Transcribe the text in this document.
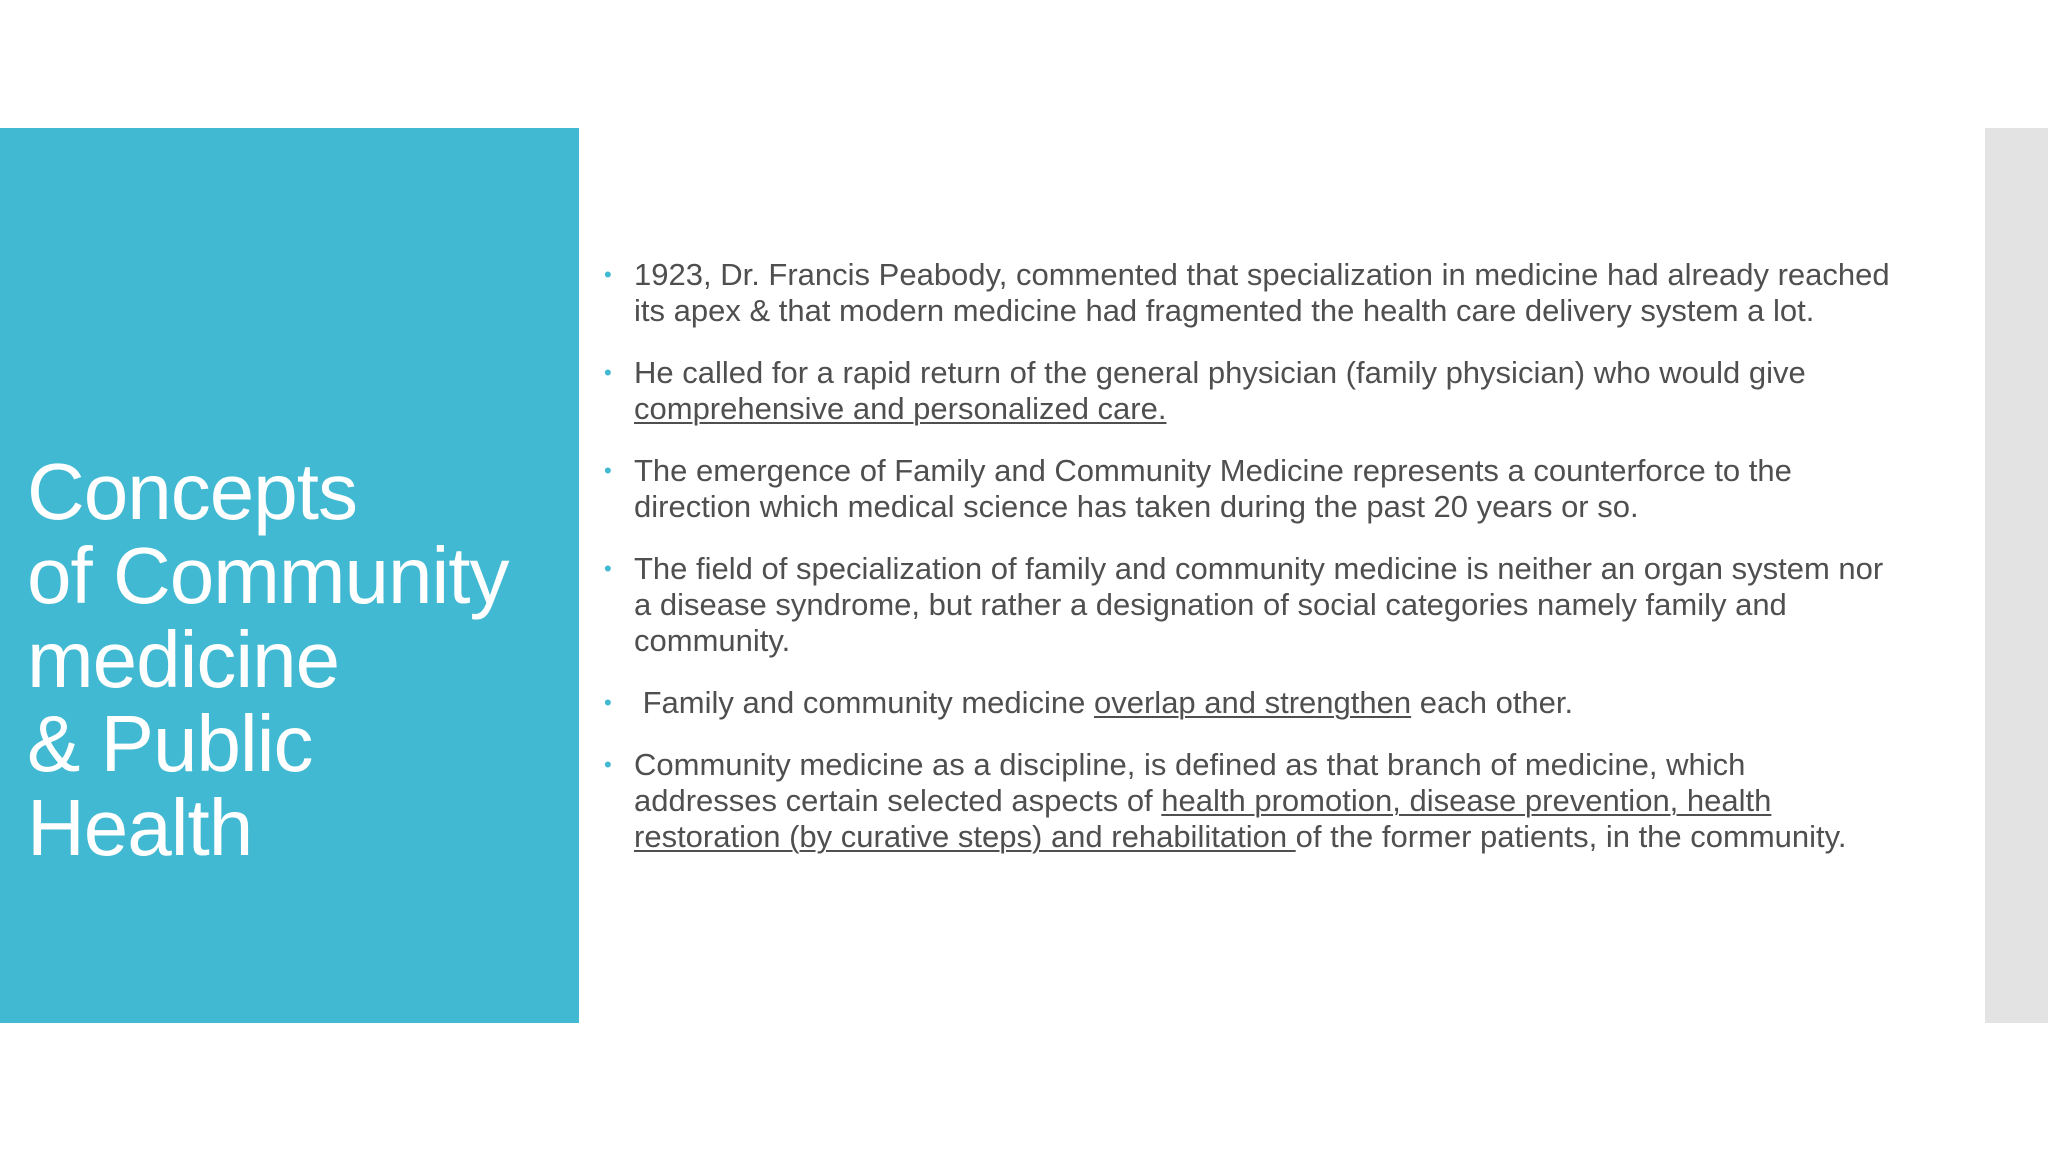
Concepts
of Community
medicine
& Public
Health
• 1923, Dr. Francis Peabody, commented that specialization in medicine had already reached
its apex & that modern medicine had fragmented the health care delivery system a lot.
• He called for a rapid return of the general physician (family physician) who would give
comprehensive and personalized care.
• The emergence of Family and Community Medicine represents a counterforce to the
direction which medical science has taken during the past 20 years or so.
• The field of specialization of family and community medicine is neither an organ system nor
a disease syndrome, but rather a designation of social categories namely family and
community.
• Family and community medicine overlap and strengthen each other.
• Community medicine as a discipline, is defined as that branch of medicine, which
addresses certain selected aspects of health promotion, disease prevention, health
restoration (by curative steps) and rehabilitation of the former patients, in the community.
